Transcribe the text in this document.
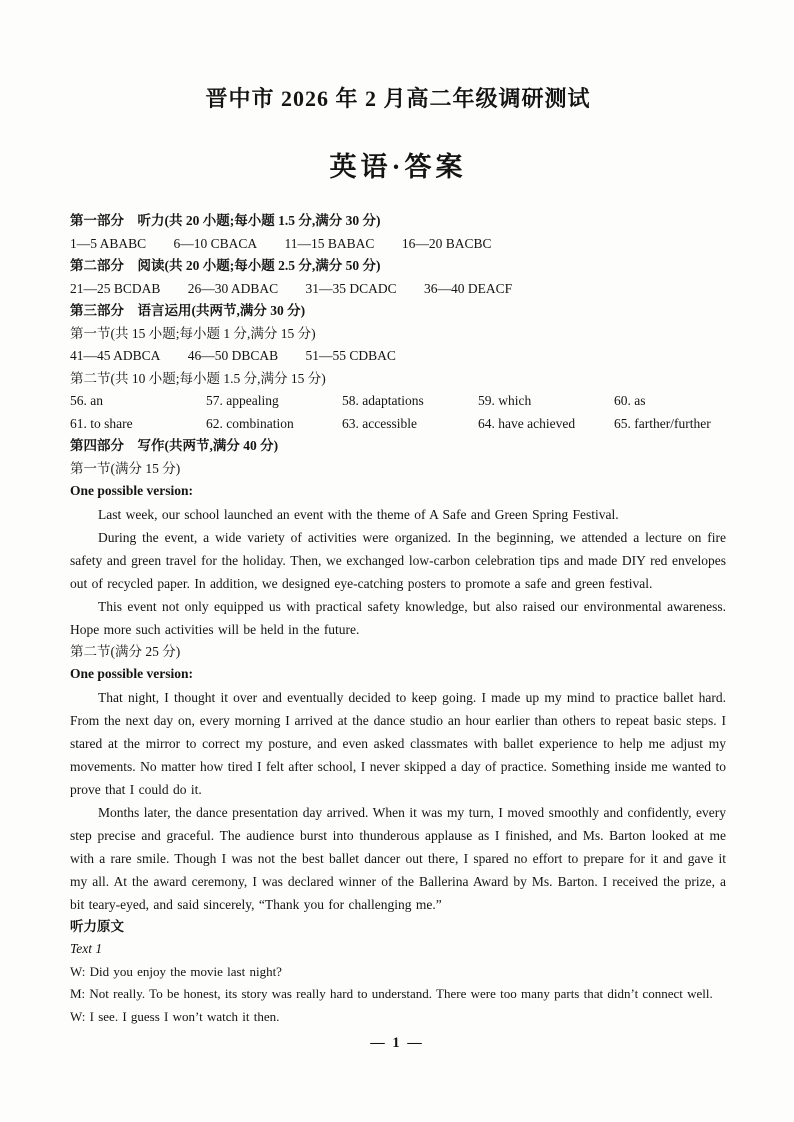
晋中市 2026 年 2 月高二年级调研测试
英语·答案
第一部分　听力(共 20 小题;每小题 1.5 分,满分 30 分)
1—5 ABABC 6—10 CBACA 11—15 BABAC 16—20 BACBC
第二部分　阅读(共 20 小题;每小题 2.5 分,满分 50 分)
21—25 BCDAB 26—30 ADBAC 31—35 DCADC 36—40 DEACF
第三部分　语言运用(共两节,满分 30 分)
第一节(共 15 小题;每小题 1 分,满分 15 分)
41—45 ADBCA 46—50 DBCAB 51—55 CDBAC
第二节(共 10 小题;每小题 1.5 分,满分 15 分)
56. an	57. appealing	58. adaptations	59. which	60. as
61. to share	62. combination	63. accessible	64. have achieved	65. farther/further
第四部分　写作(共两节,满分 40 分)
第一节(满分 15 分)
One possible version:

Last week, our school launched an event with the theme of A Safe and Green Spring Festival.

During the event, a wide variety of activities were organized. In the beginning, we attended a lecture on fire safety and green travel for the holiday. Then, we exchanged low-carbon celebration tips and made DIY red envelopes out of recycled paper. In addition, we designed eye-catching posters to promote a safe and green festival.

This event not only equipped us with practical safety knowledge, but also raised our environmental awareness. Hope more such activities will be held in the future.

第二节(满分 25 分)
One possible version:

That night, I thought it over and eventually decided to keep going. I made up my mind to practice ballet hard. From the next day on, every morning I arrived at the dance studio an hour earlier than others to repeat basic steps. I stared at the mirror to correct my posture, and even asked classmates with ballet experience to help me adjust my movements. No matter how tired I felt after school, I never skipped a day of practice. Something inside me wanted to prove that I could do it.

Months later, the dance presentation day arrived. When it was my turn, I moved smoothly and confidently, every step precise and graceful. The audience burst into thunderous applause as I finished, and Ms. Barton looked at me with a rare smile. Though I was not the best ballet dancer out there, I spared no effort to prepare for it and gave it my all. At the award ceremony, I was declared winner of the Ballerina Award by Ms. Barton. I received the prize, a bit teary-eyed, and said sincerely, “Thank you for challenging me.”

听力原文
Text 1
W: Did you enjoy the movie last night?
M: Not really. To be honest, its story was really hard to understand. There were too many parts that didn’t connect well.
W: I see. I guess I won’t watch it then.
— 1 —
